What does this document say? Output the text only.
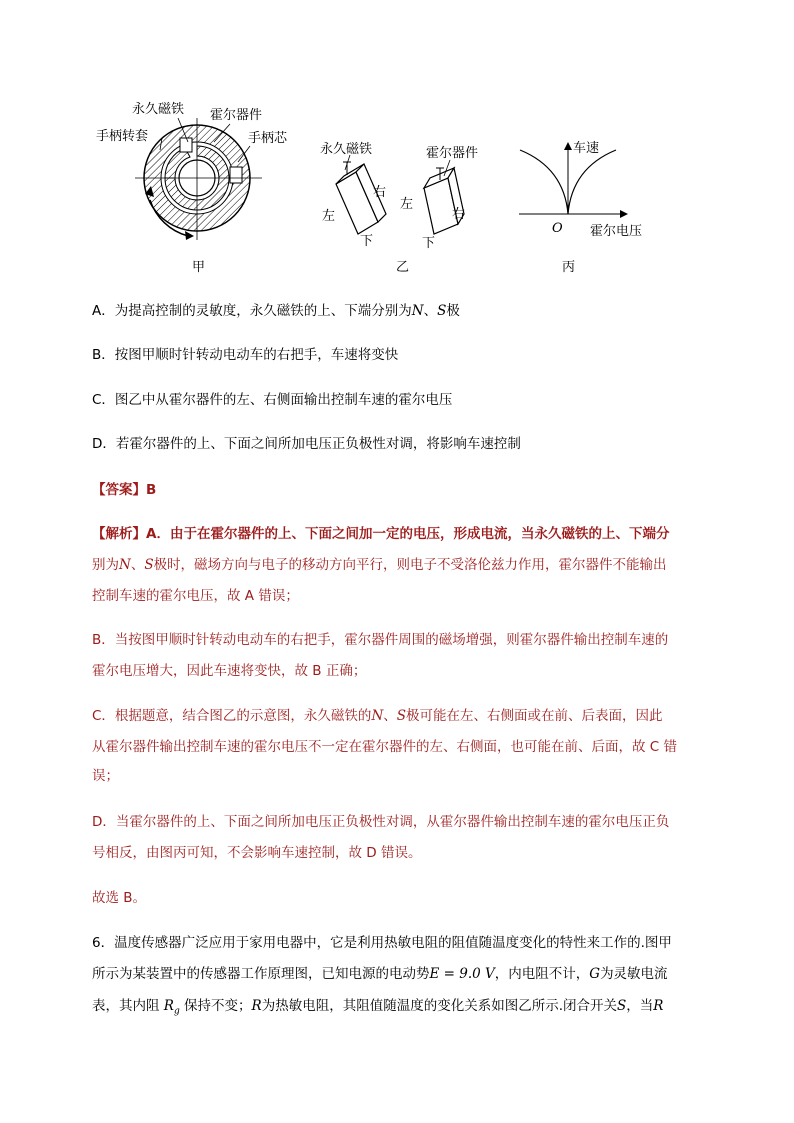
永久磁铁 霍尔器件
手柄转套	手柄芯
甲
永久磁铁	霍尔器件
左
右
下
左
右
下
乙
车速
霍尔电压
O
丙
A．为提高控制的灵敏度，永久磁铁的上、下端分别为N、S极
B．按图甲顺时针转动电动车的右把手，车速将变快
C．图乙中从霍尔器件的左、右侧面输出控制车速的霍尔电压
D．若霍尔器件的上、下面之间所加电压正负极性对调，将影响车速控制
【答案】B
【解析】A．由于在霍尔器件的上、下面之间加一定的电压，形成电流，当永久磁铁的上、下端分
别为N、S极时，磁场方向与电子的移动方向平行，则电子不受洛伦兹力作用，霍尔器件不能输出
控制车速的霍尔电压，故 A 错误；
B．当按图甲顺时针转动电动车的右把手，霍尔器件周围的磁场增强，则霍尔器件输出控制车速的
霍尔电压增大，因此车速将变快，故 B 正确；
C．根据题意，结合图乙的示意图，永久磁铁的N、S极可能在左、右侧面或在前、后表面，因此
从霍尔器件输出控制车速的霍尔电压不一定在霍尔器件的左、右侧面，也可能在前、后面，故 C 错
误；
D．当霍尔器件的上、下面之间所加电压正负极性对调，从霍尔器件输出控制车速的霍尔电压正负
号相反，由图丙可知，不会影响车速控制，故 D 错误。
故选 B。
6．温度传感器广泛应用于家用电器中，它是利用热敏电阻的阻值随温度变化的特性来工作的.图甲
所示为某装置中的传感器工作原理图，已知电源的电动势E = 9.0 V，内电阻不计，G为灵敏电流
表，其内阻 $R_g$ 保持不变；R为热敏电阻，其阻值随温度的变化关系如图乙所示.闭合开关S，当R
